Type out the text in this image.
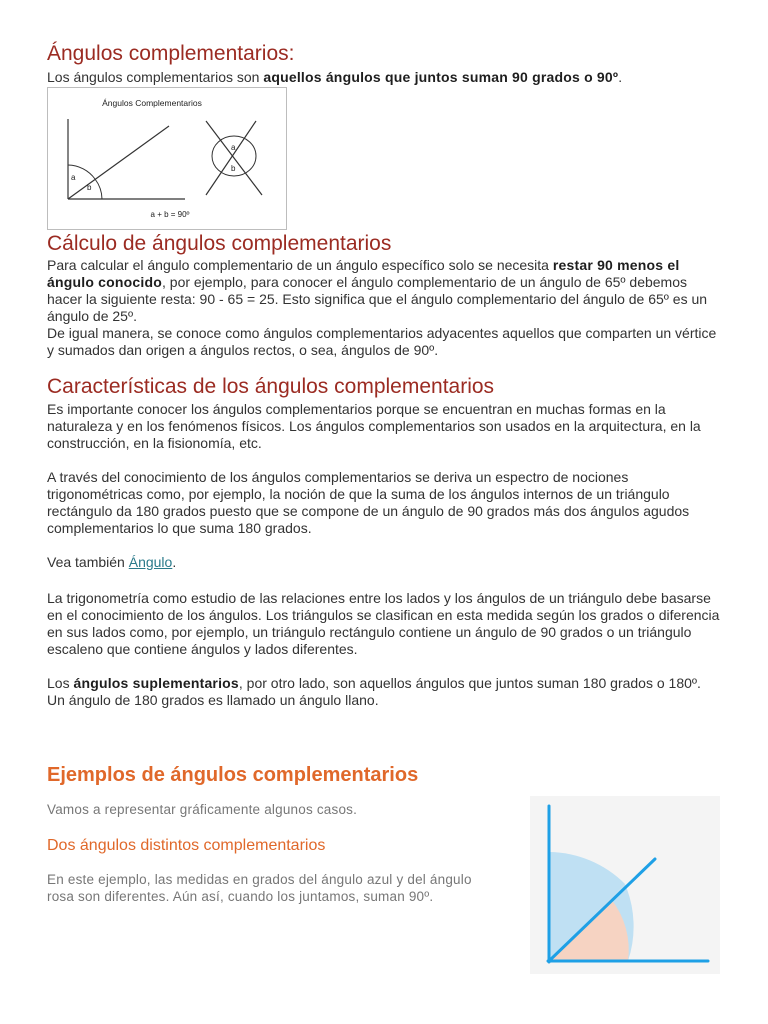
Ángulos complementarios:

Los ángulos complementarios son aquellos ángulos que juntos suman 90 grados o 90º.

Ángulos Complementarios
a
b
a
b
a + b = 90º
Cálculo de ángulos complementarios

Para calcular el ángulo complementario de un ángulo específico solo se necesita restar 90 menos el ángulo conocido, por ejemplo, para conocer el ángulo complementario de un ángulo de 65º debemos hacer la siguiente resta: 90 - 65 = 25. Esto significa que el ángulo complementario del ángulo de 65º es un ángulo de 25º.

De igual manera, se conoce como ángulos complementarios adyacentes aquellos que comparten un vértice y sumados dan origen a ángulos rectos, o sea, ángulos de 90º.

Características de los ángulos complementarios

Es importante conocer los ángulos complementarios porque se encuentran en muchas formas en la naturaleza y en los fenómenos físicos. Los ángulos complementarios son usados en la arquitectura, en la construcción, en la fisionomía, etc.

A través del conocimiento de los ángulos complementarios se deriva un espectro de nociones trigonométricas como, por ejemplo, la noción de que la suma de los ángulos internos de un triángulo rectángulo da 180 grados puesto que se compone de un ángulo de 90 grados más dos ángulos agudos complementarios lo que suma 180 grados.

Vea también Ángulo.

La trigonometría como estudio de las relaciones entre los lados y los ángulos de un triángulo debe basarse en el conocimiento de los ángulos. Los triángulos se clasifican en esta medida según los grados o diferencia en sus lados como, por ejemplo, un triángulo rectángulo contiene un ángulo de 90 grados o un triángulo escaleno que contiene ángulos y lados diferentes.

Los ángulos suplementarios, por otro lado, son aquellos ángulos que juntos suman 180 grados o 180º. Un ángulo de 180 grados es llamado un ángulo llano.

Ejemplos de ángulos complementarios

Vamos a representar gráficamente algunos casos.

Dos ángulos distintos complementarios

En este ejemplo, las medidas en grados del ángulo azul y del ángulo rosa son diferentes. Aún así, cuando los juntamos, suman 90º.
